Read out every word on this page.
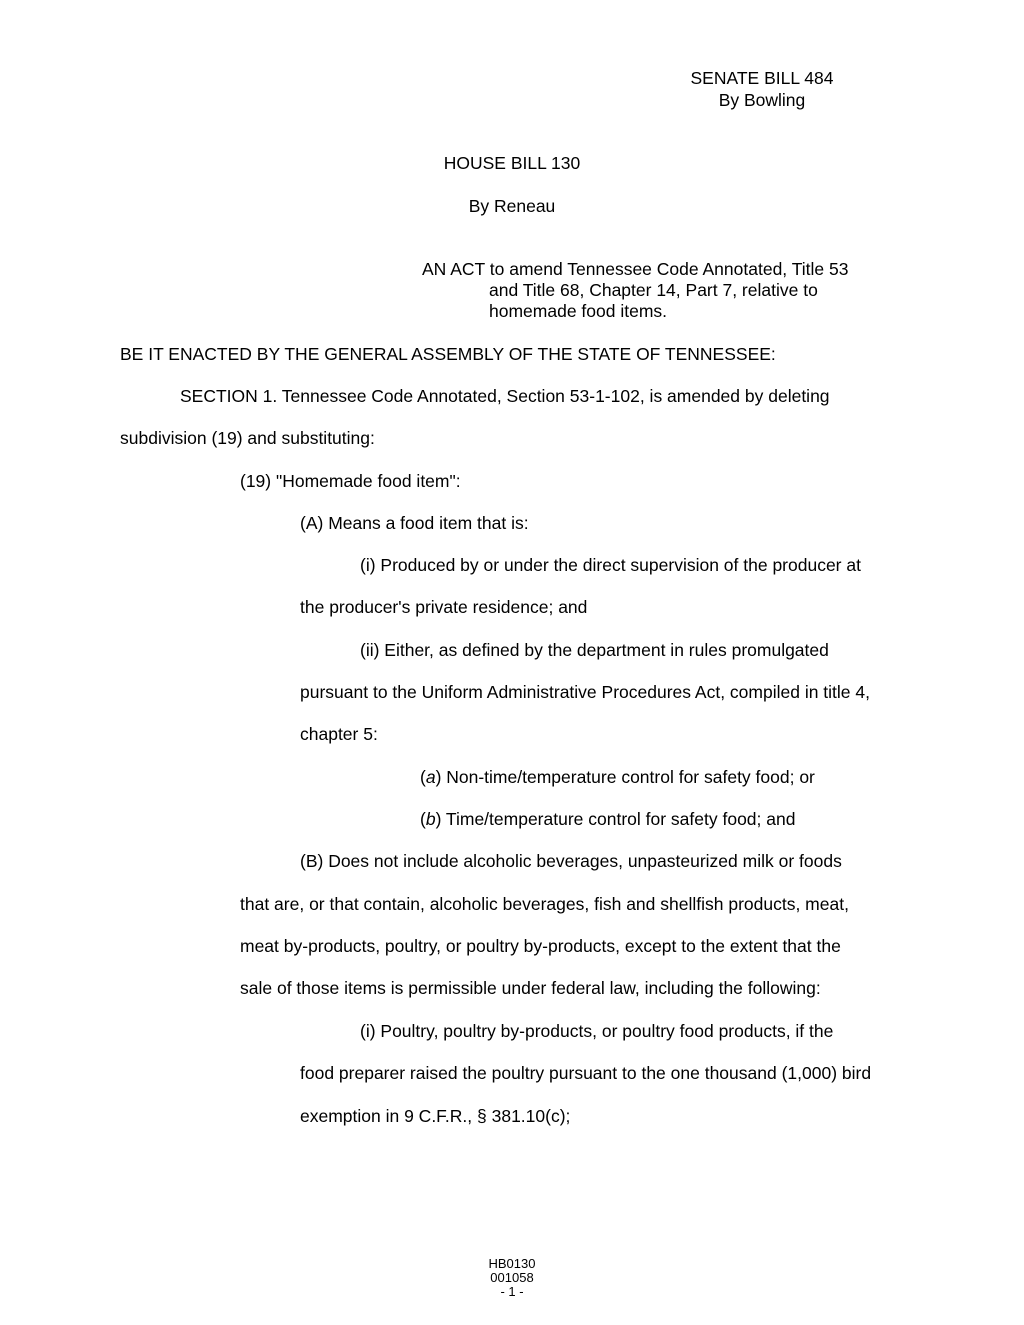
SENATE BILL 484
By Bowling
HOUSE BILL 130
By Reneau
AN ACT to amend Tennessee Code Annotated, Title 53
and Title 68, Chapter 14, Part 7, relative to
homemade food items.
BE IT ENACTED BY THE GENERAL ASSEMBLY OF THE STATE OF TENNESSEE:
SECTION 1. Tennessee Code Annotated, Section 53-1-102, is amended by deleting
subdivision (19) and substituting:
(19) "Homemade food item":
(A) Means a food item that is:
(i) Produced by or under the direct supervision of the producer at
the producer's private residence; and
(ii) Either, as defined by the department in rules promulgated
pursuant to the Uniform Administrative Procedures Act, compiled in title 4,
chapter 5:
(a) Non-time/temperature control for safety food; or
(b) Time/temperature control for safety food; and
(B) Does not include alcoholic beverages, unpasteurized milk or foods
that are, or that contain, alcoholic beverages, fish and shellfish products, meat,
meat by-products, poultry, or poultry by-products, except to the extent that the
sale of those items is permissible under federal law, including the following:
(i) Poultry, poultry by-products, or poultry food products, if the
food preparer raised the poultry pursuant to the one thousand (1,000) bird
exemption in 9 C.F.R., § 381.10(c);
HB0130
001058
- 1 -
